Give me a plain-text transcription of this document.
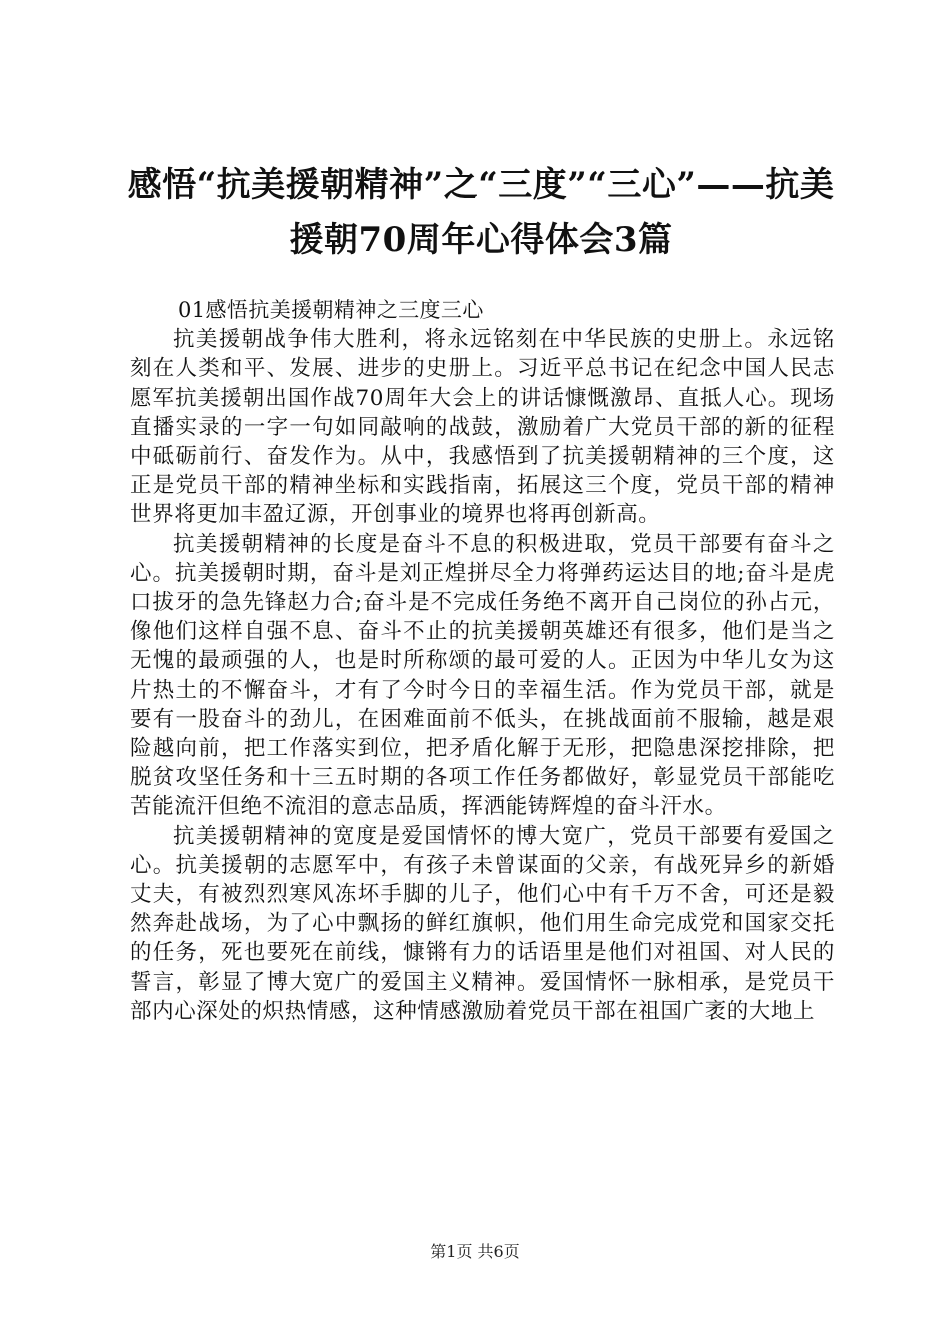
感悟“抗美援朝精神”之“三度”“三心”——抗美援朝70周年心得体会3篇

01感悟抗美援朝精神之三度三心

抗美援朝战争伟大胜利，将永远铭刻在中华民族的史册上。永远铭刻在人类和平、发展、进步的史册上。习近平总书记在纪念中国人民志愿军抗美援朝出国作战70周年大会上的讲话慷慨激昂、直抵人心。现场直播实录的一字一句如同敲响的战鼓，激励着广大党员干部的新的征程中砥砺前行、奋发作为。从中，我感悟到了抗美援朝精神的三个度，这正是党员干部的精神坐标和实践指南，拓展这三个度，党员干部的精神世界将更加丰盈辽源，开创事业的境界也将再创新高。

抗美援朝精神的长度是奋斗不息的积极进取，党员干部要有奋斗之心。抗美援朝时期，奋斗是刘正煌拼尽全力将弹药运达目的地;奋斗是虎口拔牙的急先锋赵力合;奋斗是不完成任务绝不离开自己岗位的孙占元，像他们这样自强不息、奋斗不止的抗美援朝英雄还有很多，他们是当之无愧的最顽强的人，也是时所称颂的最可爱的人。正因为中华儿女为这片热土的不懈奋斗，才有了今时今日的幸福生活。作为党员干部，就是要有一股奋斗的劲儿，在困难面前不低头，在挑战面前不服输，越是艰险越向前，把工作落实到位，把矛盾化解于无形，把隐患深挖排除，把脱贫攻坚任务和十三五时期的各项工作任务都做好，彰显党员干部能吃苦能流汗但绝不流泪的意志品质，挥洒能铸辉煌的奋斗汗水。

抗美援朝精神的宽度是爱国情怀的博大宽广，党员干部要有爱国之心。抗美援朝的志愿军中，有孩子未曾谋面的父亲，有战死异乡的新婚丈夫，有被烈烈寒风冻坏手脚的儿子，他们心中有千万不舍，可还是毅然奔赴战场，为了心中飘扬的鲜红旗帜，他们用生命完成党和国家交托的任务，死也要死在前线，慷锵有力的话语里是他们对祖国、对人民的誓言，彰显了博大宽广的爱国主义精神。爱国情怀一脉相承，是党员干部内心深处的炽热情感，这种情感激励着党员干部在祖国广袤的大地上

第1页 共6页
